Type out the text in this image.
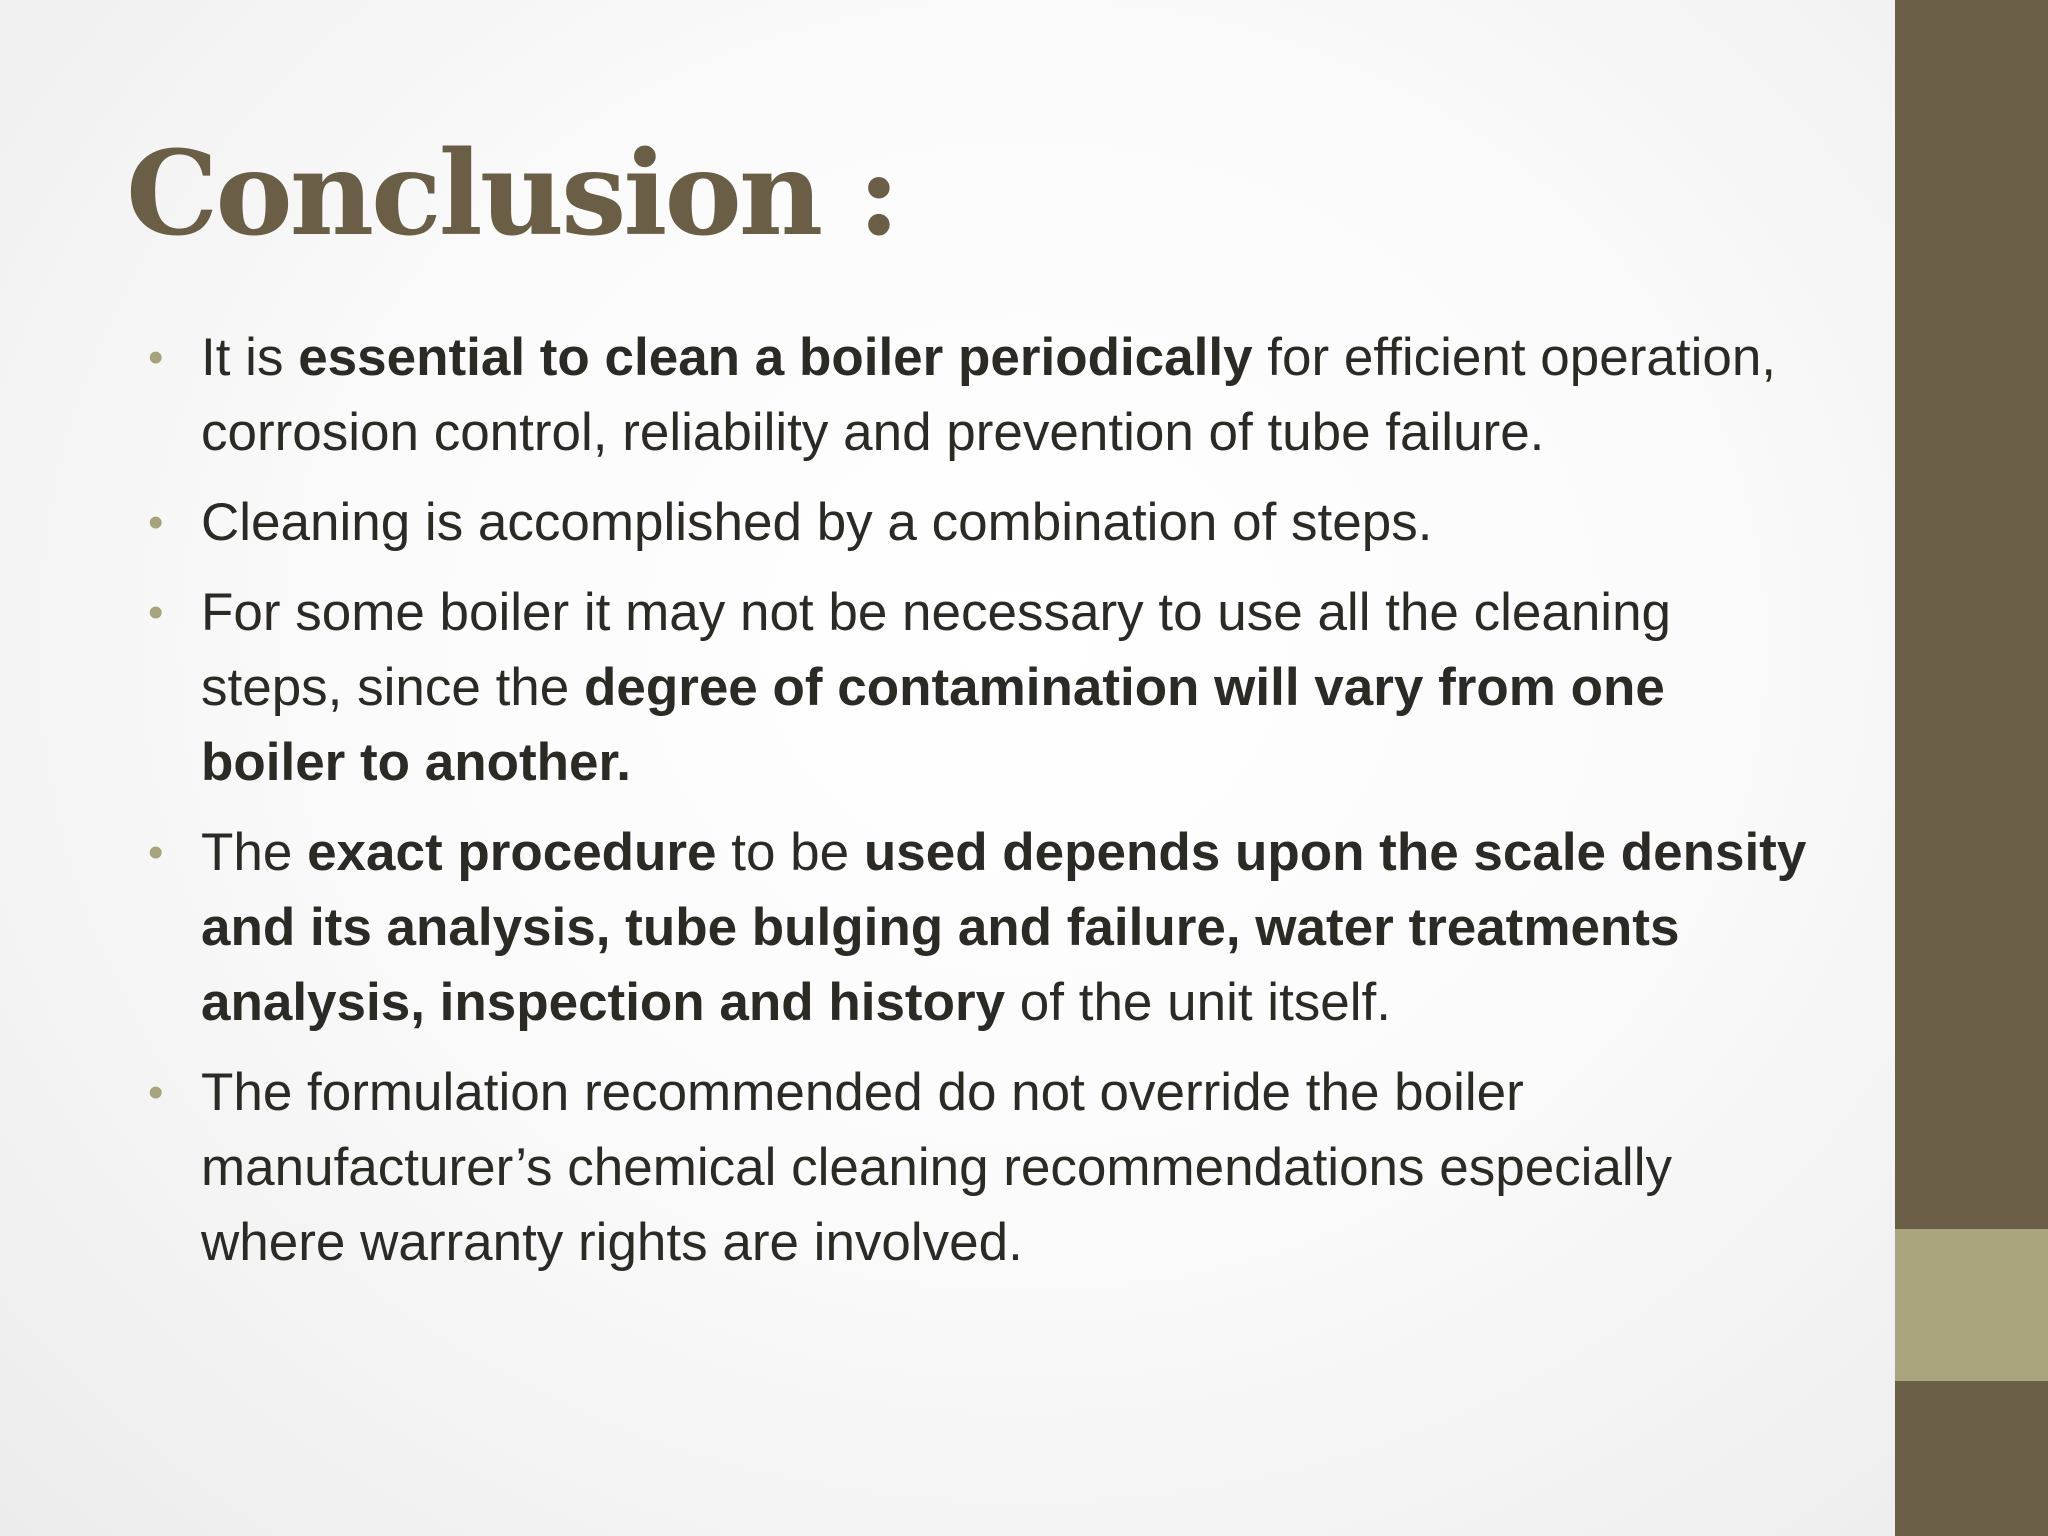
Conclusion :
• It is essential to clean a boiler periodically for efficient operation, corrosion control, reliability and prevention of tube failure.
• Cleaning is accomplished by a combination of steps.
• For some boiler it may not be necessary to use all the cleaning steps, since the degree of contamination will vary from one boiler to another.
• The exact procedure to be used depends upon the scale density and its analysis, tube bulging and failure, water treatments analysis, inspection and history of the unit itself.
• The formulation recommended do not override the boiler manufacturer’s chemical cleaning recommendations especially where warranty rights are involved.
